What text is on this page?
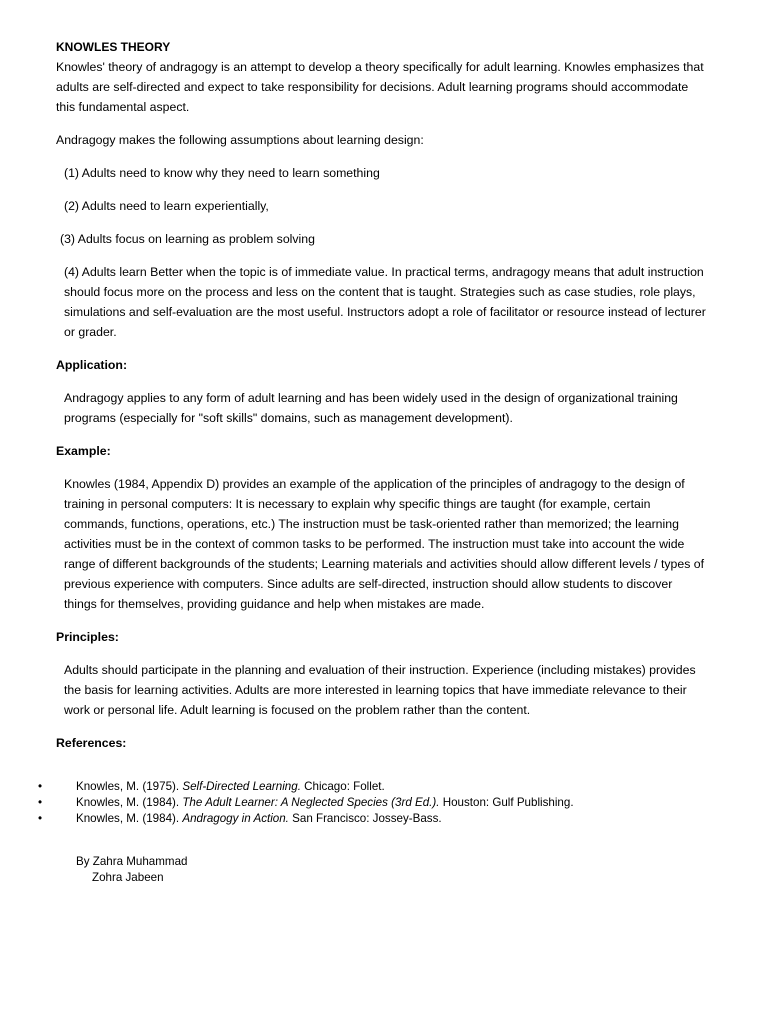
KNOWLES THEORY

Knowles' theory of andragogy is an attempt to develop a theory specifically for adult learning. Knowles emphasizes that adults are self-directed and expect to take responsibility for decisions. Adult learning programs should accommodate this fundamental aspect.

Andragogy makes the following assumptions about learning design:

(1) Adults need to know why they need to learn something

(2) Adults need to learn experientially,

(3) Adults focus on learning as problem solving

(4) Adults learn Better when the topic is of immediate value. In practical terms, andragogy means that adult instruction should focus more on the process and less on the content that is taught. Strategies such as case studies, role plays, simulations and self-evaluation are the most useful. Instructors adopt a role of facilitator or resource instead of lecturer or grader.

Application:

Andragogy applies to any form of adult learning and has been widely used in the design of organizational training programs (especially for "soft skills" domains, such as management development).

Example:

Knowles (1984, Appendix D) provides an example of the application of the principles of andragogy to the design of training in personal computers: It is necessary to explain why specific things are taught (for example, certain commands, functions, operations, etc.) The instruction must be task-oriented rather than memorized; the learning activities must be in the context of common tasks to be performed. The instruction must take into account the wide range of different backgrounds of the students; Learning materials and activities should allow different levels / types of previous experience with computers. Since adults are self-directed, instruction should allow students to discover things for themselves, providing guidance and help when mistakes are made.

Principles:

Adults should participate in the planning and evaluation of their instruction. Experience (including mistakes) provides the basis for learning activities. Adults are more interested in learning topics that have immediate relevance to their work or personal life. Adult learning is focused on the problem rather than the content.

References:

• Knowles, M. (1975). Self-Directed Learning. Chicago: Follet.
• Knowles, M. (1984). The Adult Learner: A Neglected Species (3rd Ed.). Houston: Gulf Publishing.
• Knowles, M. (1984). Andragogy in Action. San Francisco: Jossey-Bass.
By Zahra Muhammad
Zohra Jabeen
